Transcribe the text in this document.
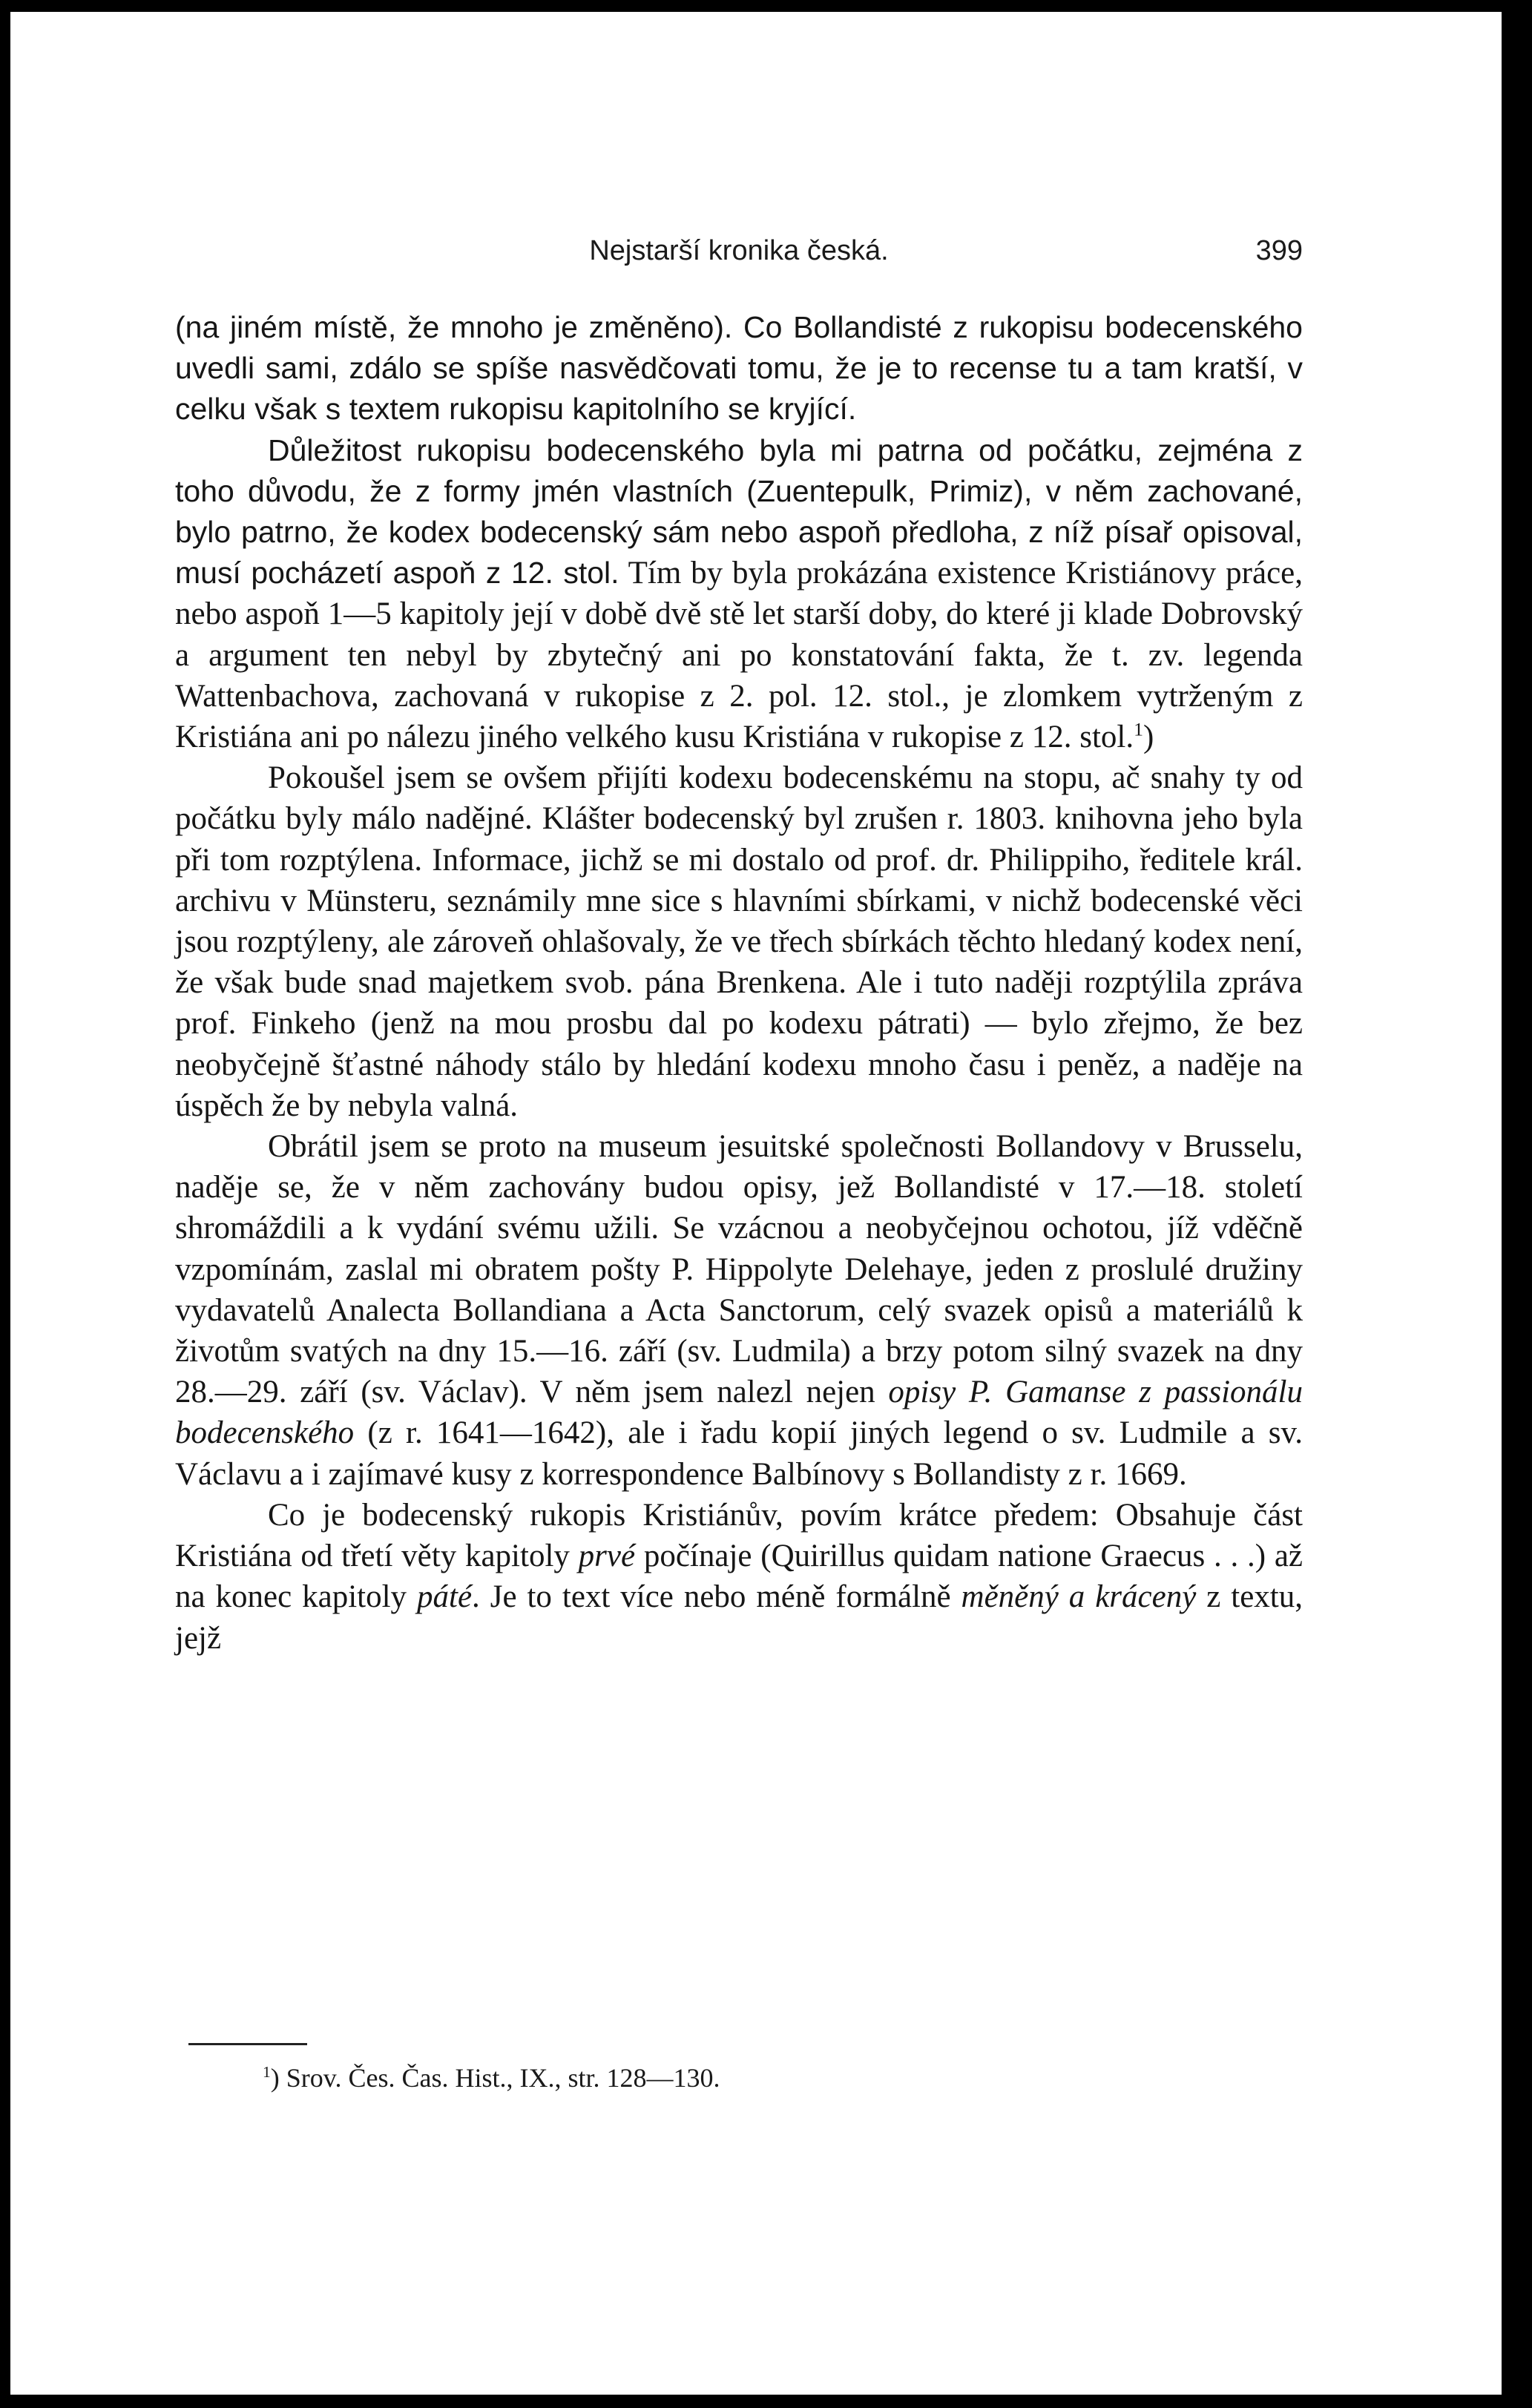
Nejstarší kronika česká.	399

(na jiném místě, že mnoho je změněno). Co Bollandisté z rukopisu bodecenského uvedli sami, zdálo se spíše nasvědčovati tomu, že je to recense tu a tam kratší, v celku však s textem rukopisu kapitolního se kryjící.

Důležitost rukopisu bodecenského byla mi patrna od počátku, zejména z toho důvodu, že z formy jmén vlastních (Zuentepulk, Primiz), v něm zachované, bylo patrno, že kodex bodecenský sám nebo aspoň předloha, z níž písař opisoval, musí pocházetí aspoň z 12. stol. Tím by byla prokázána existence Kristiánovy práce, nebo aspoň 1—5 kapitoly její v době dvě stě let starší doby, do které ji klade Dobrovský a argument ten nebyl by zbytečný ani po konstatování fakta, že t. zv. legenda Wattenbachova, zachovaná v rukopise z 2. pol. 12. stol., je zlomkem vytrženým z Kristiána ani po nálezu jiného velkého kusu Kristiána v rukopise z 12. stol.$^1$)

Pokoušel jsem se ovšem přijíti kodexu bodecenskému na stopu, ač snahy ty od počátku byly málo nadějné. Klášter bodecenský byl zrušen r. 1803. knihovna jeho byla při tom rozptýlena. Informace, jichž se mi dostalo od prof. dr. Philippiho, ředitele král. archivu v Münsteru, seznámily mne sice s hlavními sbírkami, v nichž bodecenské věci jsou rozptýleny, ale zároveň ohlašovaly, že ve třech sbírkách těchto hledaný kodex není, že však bude snad majetkem svob. pána Brenkena. Ale i tuto naději rozptýlila zpráva prof. Finkeho (jenž na mou prosbu dal po kodexu pátrati) — bylo zřejmo, že bez neobyčejně šťastné náhody stálo by hledání kodexu mnoho času i peněz, a naděje na úspěch že by nebyla valná.

Obrátil jsem se proto na museum jesuitské společnosti Bollandovy v Brusselu, naděje se, že v něm zachovány budou opisy, jež Bollandisté v 17.—18. století shromáždili a k vydání svému užili. Se vzácnou a neobyčejnou ochotou, jíž vděčně vzpomínám, zaslal mi obratem pošty P. Hippolyte Delehaye, jeden z proslulé družiny vydavatelů Analecta Bollandiana a Acta Sanctorum, celý svazek opisů a materiálů k životům svatých na dny 15.—16. září (sv. Ludmila) a brzy potom silný svazek na dny 28.—29. září (sv. Václav). V něm jsem nalezl nejen opisy P. Gamanse z passionálu bodecenského (z r. 1641—1642), ale i řadu kopií jiných legend o sv. Ludmile a sv. Václavu a i zajímavé kusy z korrespondence Balbínovy s Bollandisty z r. 1669.

Co je bodecenský rukopis Kristiánův, povím krátce předem: Obsahuje část Kristiána od třetí věty kapitoly prvé počínaje (Quirillus quidam natione Graecus . . .) až na konec kapitoly páté. Je to text více nebo méně formálně měněný a krácený z textu, jejž

$^1$) Srov. Čes. Čas. Hist., IX., str. 128—130.
